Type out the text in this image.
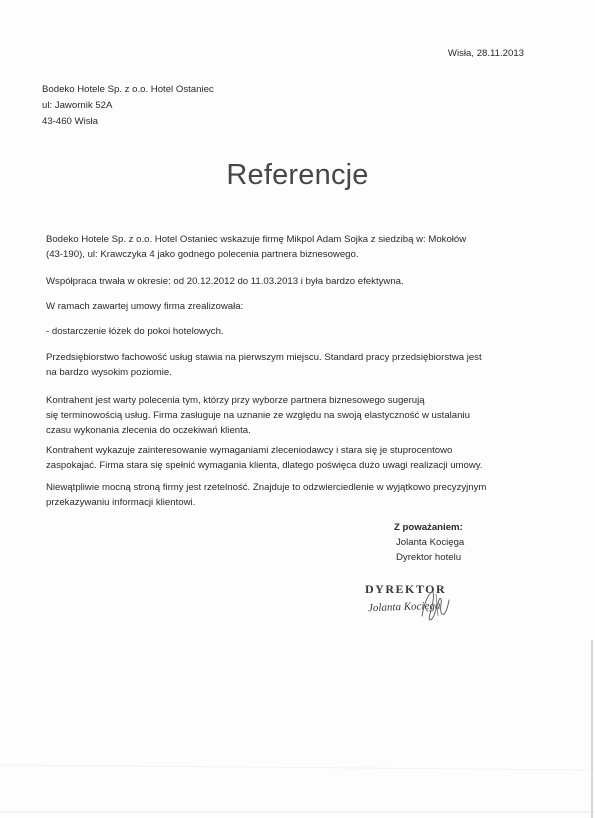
Wisła, 28.11.2013
Bodeko Hotele Sp. z o.o. Hotel Ostaniec
ul: Jawornik 52A
43-460 Wisła
Referencje
Bodeko Hotele Sp. z o.o. Hotel Ostaniec wskazuje firmę Mikpol Adam Sojka z siedzibą w: Mokołów
(43-190), ul: Krawczyka 4 jako godnego polecenia partnera biznesowego.
Współpraca trwała w okresie: od 20.12.2012 do 11.03.2013 i była bardzo efektywna.
W ramach zawartej umowy firma zrealizowała:
- dostarczenie łóżek do pokoi hotelowych.
Przedsiębiorstwo fachowość usług stawia na pierwszym miejscu. Standard pracy przedsiębiorstwa jest
na bardzo wysokim poziomie.
Kontrahent jest warty polecenia tym, którzy przy wyborze partnera biznesowego sugerują
się terminowością usług. Firma zasługuje na uznanie ze względu na swoją elastyczność w ustalaniu
czasu wykonania zlecenia do oczekiwań klienta.
Kontrahent wykazuje zainteresowanie wymaganiami zleceniodawcy i stara się je stuprocentowo
zaspokajać. Firma stara się spełnić wymagania klienta, dlatego poświęca dużo uwagi realizacji umowy.
Niewątpliwie mocną stroną firmy jest rzetelność. Znajduje to odzwierciedlenie w wyjątkowo precyzyjnym
przekazywaniu informacji klientowi.
Z poważaniem:
Jolanta Kocięga
Dyrektor hotelu
DYREKTOR
Jolanta Kocięga
